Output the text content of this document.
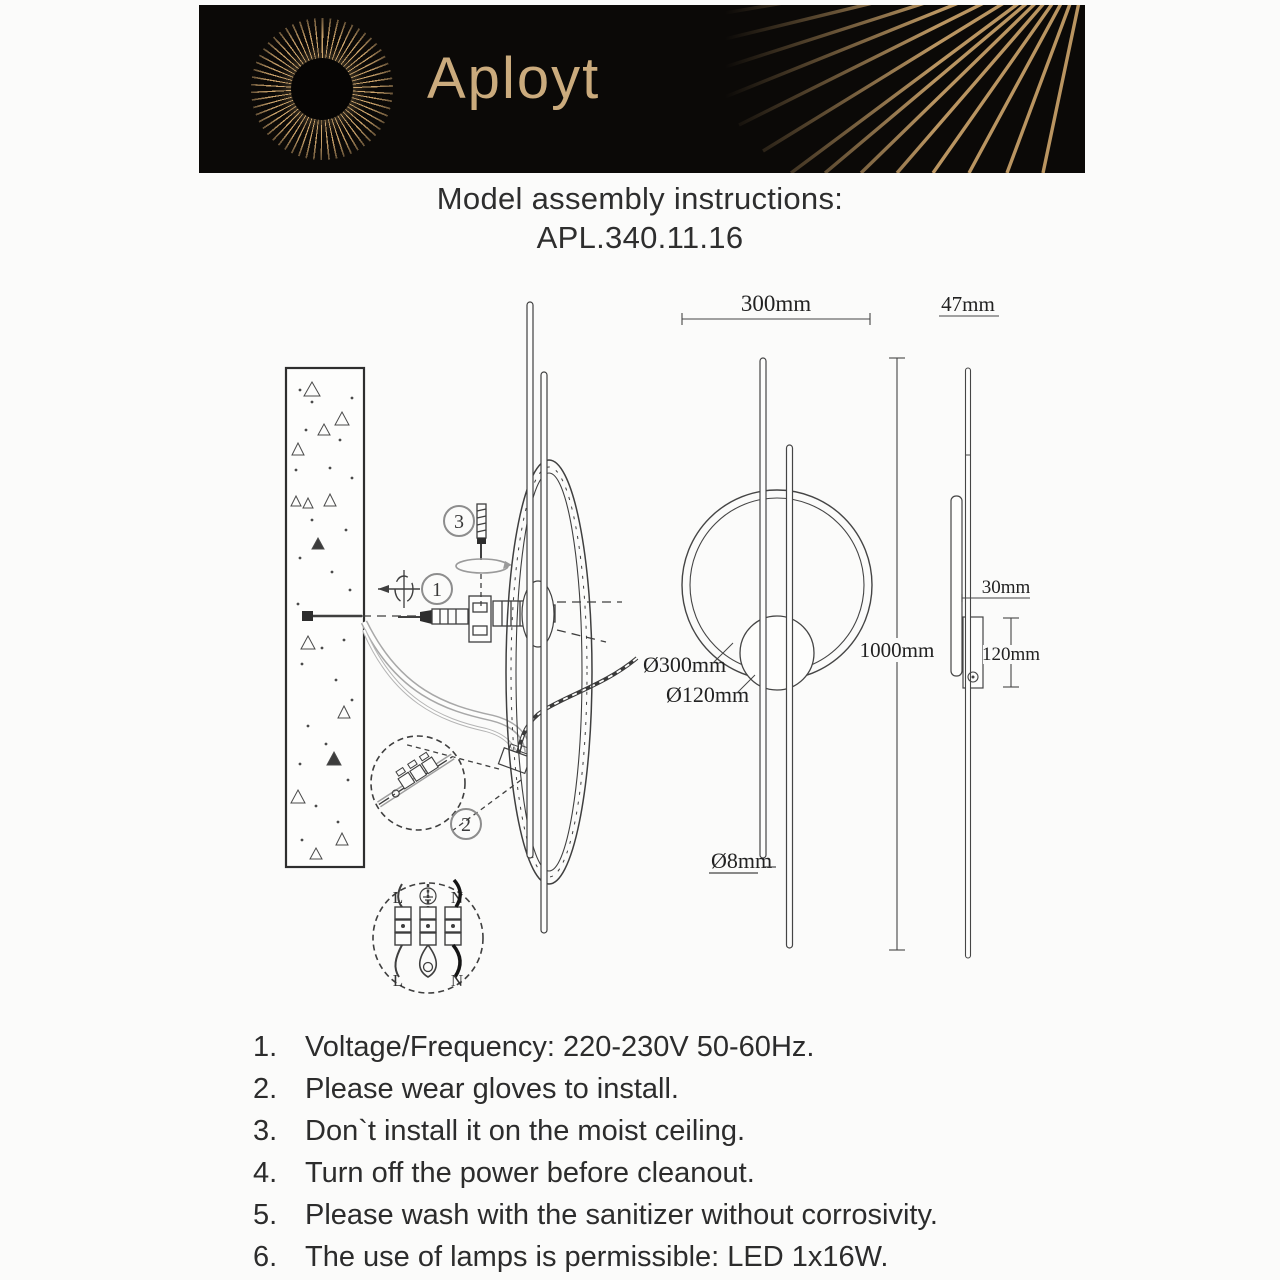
Aployt
Model assembly instructions:
APL.340.11.16
3
1
2
L	N
L	N
300mm
1000mm
Ø300mm
Ø120mm
Ø8mm
47mm
30mm
120mm
1. Voltage/Frequency: 220-230V 50-60Hz.
2. Please wear gloves to install.
3. Don`t install it on the moist ceiling.
4. Turn off the power before cleanout.
5. Please wash with the sanitizer without corrosivity.
6. The use of lamps is permissible: LED 1x16W.
